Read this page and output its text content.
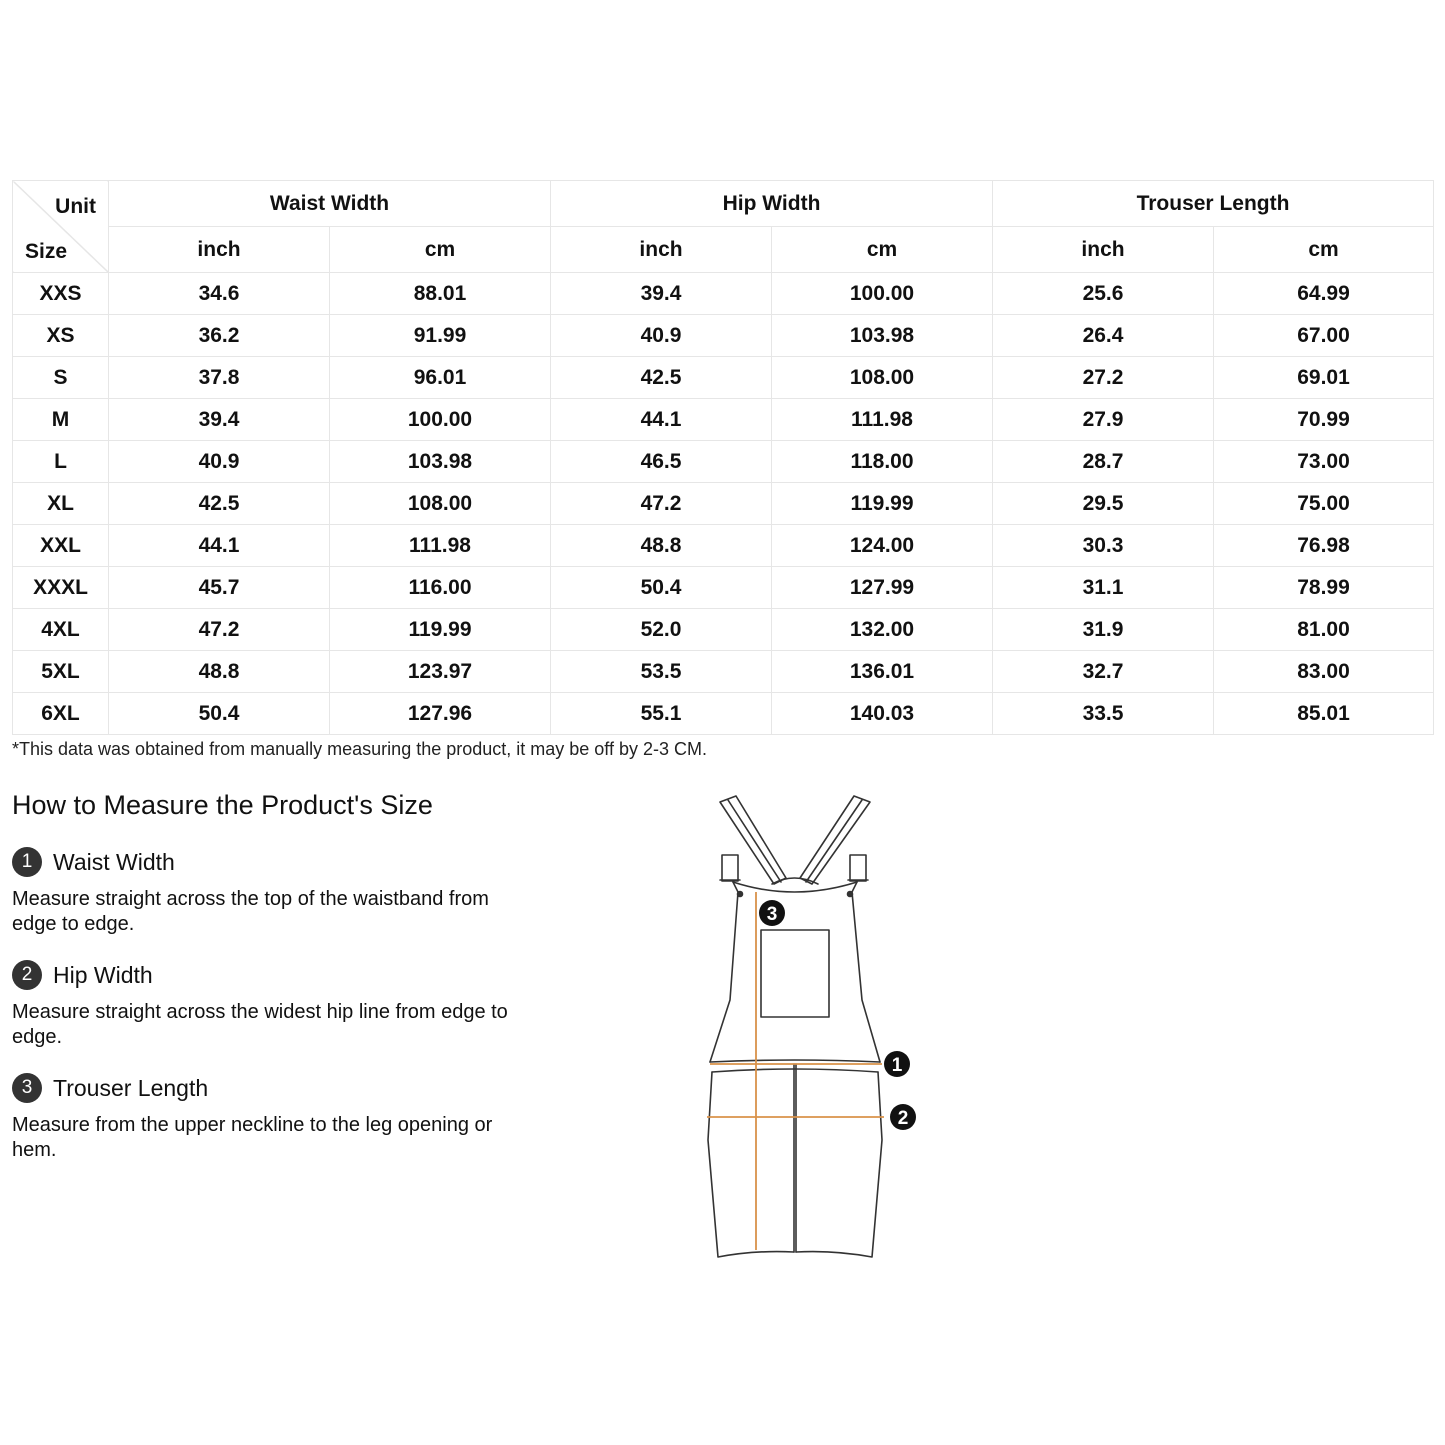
Unit
Size	Waist Width		Hip Width		Trouser Length	
	inch	cm	inch	cm	inch	cm
XXS	34.6	88.01	39.4	100.00	25.6	64.99
XS	36.2	91.99	40.9	103.98	26.4	67.00
S	37.8	96.01	42.5	108.00	27.2	69.01
M	39.4	100.00	44.1	111.98	27.9	70.99
L	40.9	103.98	46.5	118.00	28.7	73.00
XL	42.5	108.00	47.2	119.99	29.5	75.00
XXL	44.1	111.98	48.8	124.00	30.3	76.98
XXXL	45.7	116.00	50.4	127.99	31.1	78.99
4XL	47.2	119.99	52.0	132.00	31.9	81.00
5XL	48.8	123.97	53.5	136.01	32.7	83.00
6XL	50.4	127.96	55.1	140.03	33.5	85.01
*This data was obtained from manually measuring the product, it may be off by 2-3 CM.
How to Measure the Product's Size
1 Waist Width
Measure straight across the top of the waistband from edge to edge.
2 Hip Width
Measure straight across the widest hip line from edge to edge.
3 Trouser Length
Measure from the upper neckline to the leg opening or hem.
3
1
2
